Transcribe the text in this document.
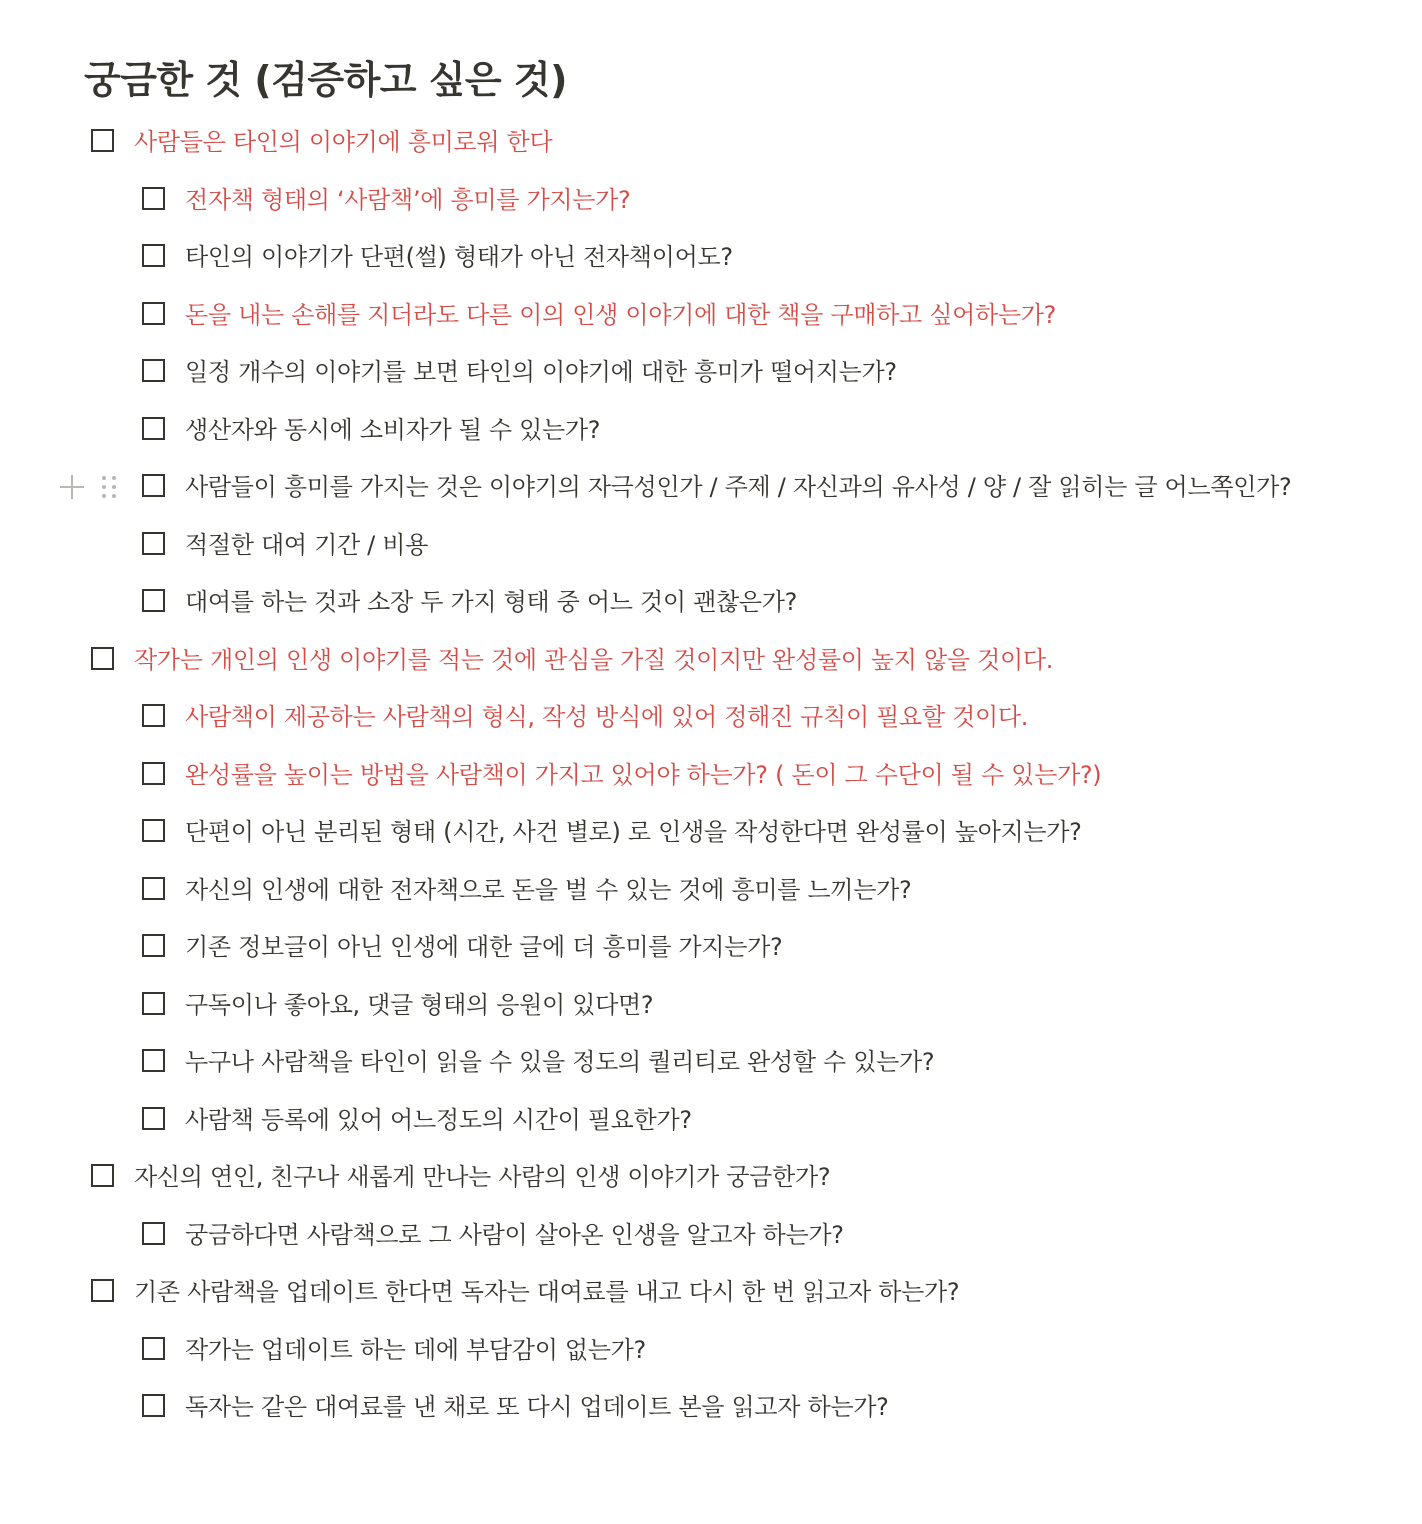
궁금한 것 (검증하고 싶은 것)
사람들은 타인의 이야기에 흥미로워 한다
전자책 형태의 ‘사람책’에 흥미를 가지는가?
타인의 이야기가 단편(썰) 형태가 아닌 전자책이어도?
돈을 내는 손해를 지더라도 다른 이의 인생 이야기에 대한 책을 구매하고 싶어하는가?
일정 개수의 이야기를 보면 타인의 이야기에 대한 흥미가 떨어지는가?
생산자와 동시에 소비자가 될 수 있는가?
사람들이 흥미를 가지는 것은 이야기의 자극성인가 / 주제 / 자신과의 유사성 / 양 / 잘 읽히는 글 어느쪽인가?
적절한 대여 기간 / 비용
대여를 하는 것과 소장 두 가지 형태 중 어느 것이 괜찮은가?
작가는 개인의 인생 이야기를 적는 것에 관심을 가질 것이지만 완성률이 높지 않을 것이다.
사람책이 제공하는 사람책의 형식, 작성 방식에 있어 정해진 규칙이 필요할 것이다.
완성률을 높이는 방법을 사람책이 가지고 있어야 하는가? ( 돈이 그 수단이 될 수 있는가?)
단편이 아닌 분리된 형태 (시간, 사건 별로) 로 인생을 작성한다면 완성률이 높아지는가?
자신의 인생에 대한 전자책으로 돈을 벌 수 있는 것에 흥미를 느끼는가?
기존 정보글이 아닌 인생에 대한 글에 더 흥미를 가지는가?
구독이나 좋아요, 댓글 형태의 응원이 있다면?
누구나 사람책을 타인이 읽을 수 있을 정도의 퀄리티로 완성할 수 있는가?
사람책 등록에 있어 어느정도의 시간이 필요한가?
자신의 연인, 친구나 새롭게 만나는 사람의 인생 이야기가 궁금한가?
궁금하다면 사람책으로 그 사람이 살아온 인생을 알고자 하는가?
기존 사람책을 업데이트 한다면 독자는 대여료를 내고 다시 한 번 읽고자 하는가?
작가는 업데이트 하는 데에 부담감이 없는가?
독자는 같은 대여료를 낸 채로 또 다시 업데이트 본을 읽고자 하는가?
